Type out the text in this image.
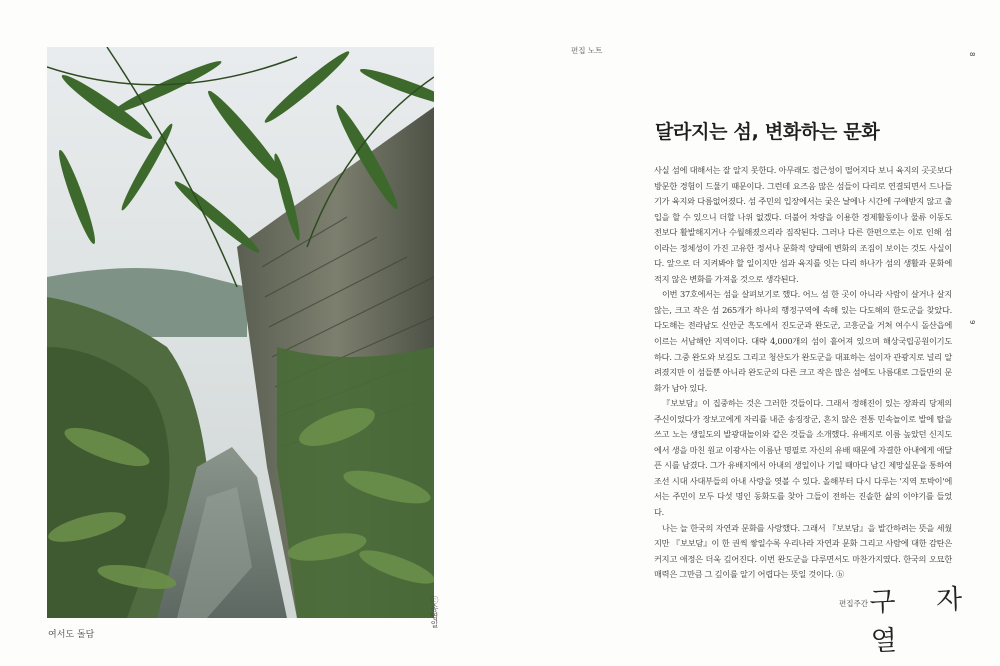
여서도 돌담
ⓒ송영일
편집 노트	8
9
달라지는 섬, 변화하는 문화

사실 섬에 대해서는 잘 알지 못한다. 아무래도 접근성이 떨어지다 보니 육지의 곳곳보다 방문한 경험이 드물기 때문이다. 그런데 요즈음 많은 섬들이 다리로 연결되면서 드나들기가 육지와 다름없어졌다. 섬 주민의 입장에서는 궂은 날에나 시간에 구애받지 않고 출입을 할 수 있으니 더할 나위 없겠다. 더불어 차량을 이용한 경제활동이나 물류 이동도 전보다 활발해지거나 수월해졌으리라 짐작된다. 그러나 다른 한편으로는 이로 인해 섬이라는 정체성이 가진 고유한 정서나 문화적 양태에 변화의 조짐이 보이는 것도 사실이다. 앞으로 더 지켜봐야 할 일이지만 섬과 육지를 잇는 다리 하나가 섬의 생활과 문화에 적지 않은 변화를 가져올 것으로 생각된다.

이번 37호에서는 섬을 살펴보기로 했다. 어느 섬 한 곳이 아니라 사람이 살거나 살지 않는, 크고 작은 섬 265개가 하나의 행정구역에 속해 있는 다도해의 한도군을 찾았다. 다도해는 전라남도 신안군 흑도에서 진도군과 완도군, 고흥군을 거쳐 여수시 돌산읍에 이르는 서남해안 지역이다. 대략 4,000개의 섬이 흩어져 있으며 해상국립공원이기도 하다. 그중 완도와 보길도 그리고 청산도가 완도군을 대표하는 섬이자 관광지로 널리 알려졌지만 이 섬들뿐 아니라 완도군의 다른 크고 작은 많은 섬에도 나름대로 그들만의 문화가 남아 있다.

『보보담』이 집중하는 것은 그러한 것들이다. 그래서 정해진이 있는 장좌리 당제의 주신이었다가 장보고에게 자리를 내준 송징장군, 흔치 않은 전통 민속놀이로 발에 탈을 쓰고 노는 생일도의 발광대놀이와 같은 것들을 소개했다. 유배지로 이름 높았던 신지도에서 생을 마친 원교 이광사는 이름난 명필로 자신의 유배 때문에 자결한 아내에게 애달픈 시를 남겼다. 그가 유배지에서 아내의 생일이나 기일 때마다 남긴 제망실문을 통하여 조선 시대 사대부들의 아내 사랑을 엿볼 수 있다. 올해부터 다시 다루는 '지역 토박이'에서는 주민이 모두 다섯 명인 동화도를 찾아 그들이 전하는 진솔한 삶의 이야기를 들었다.

나는 늘 한국의 자연과 문화를 사랑했다. 그래서 『보보담』을 발간하려는 뜻을 세웠지만 『보보담』이 한 권씩 쌓일수록 우리나라 자연과 문화 그리고 사람에 대한 감탄은 커지고 애정은 더욱 깊어진다. 이번 완도군을 다루면서도 마찬가지였다. 한국의 오묘한 매력은 그만큼 그 깊이를 알기 어렵다는 뜻일 것이다. ⓑ

편집주간 구 자 열
